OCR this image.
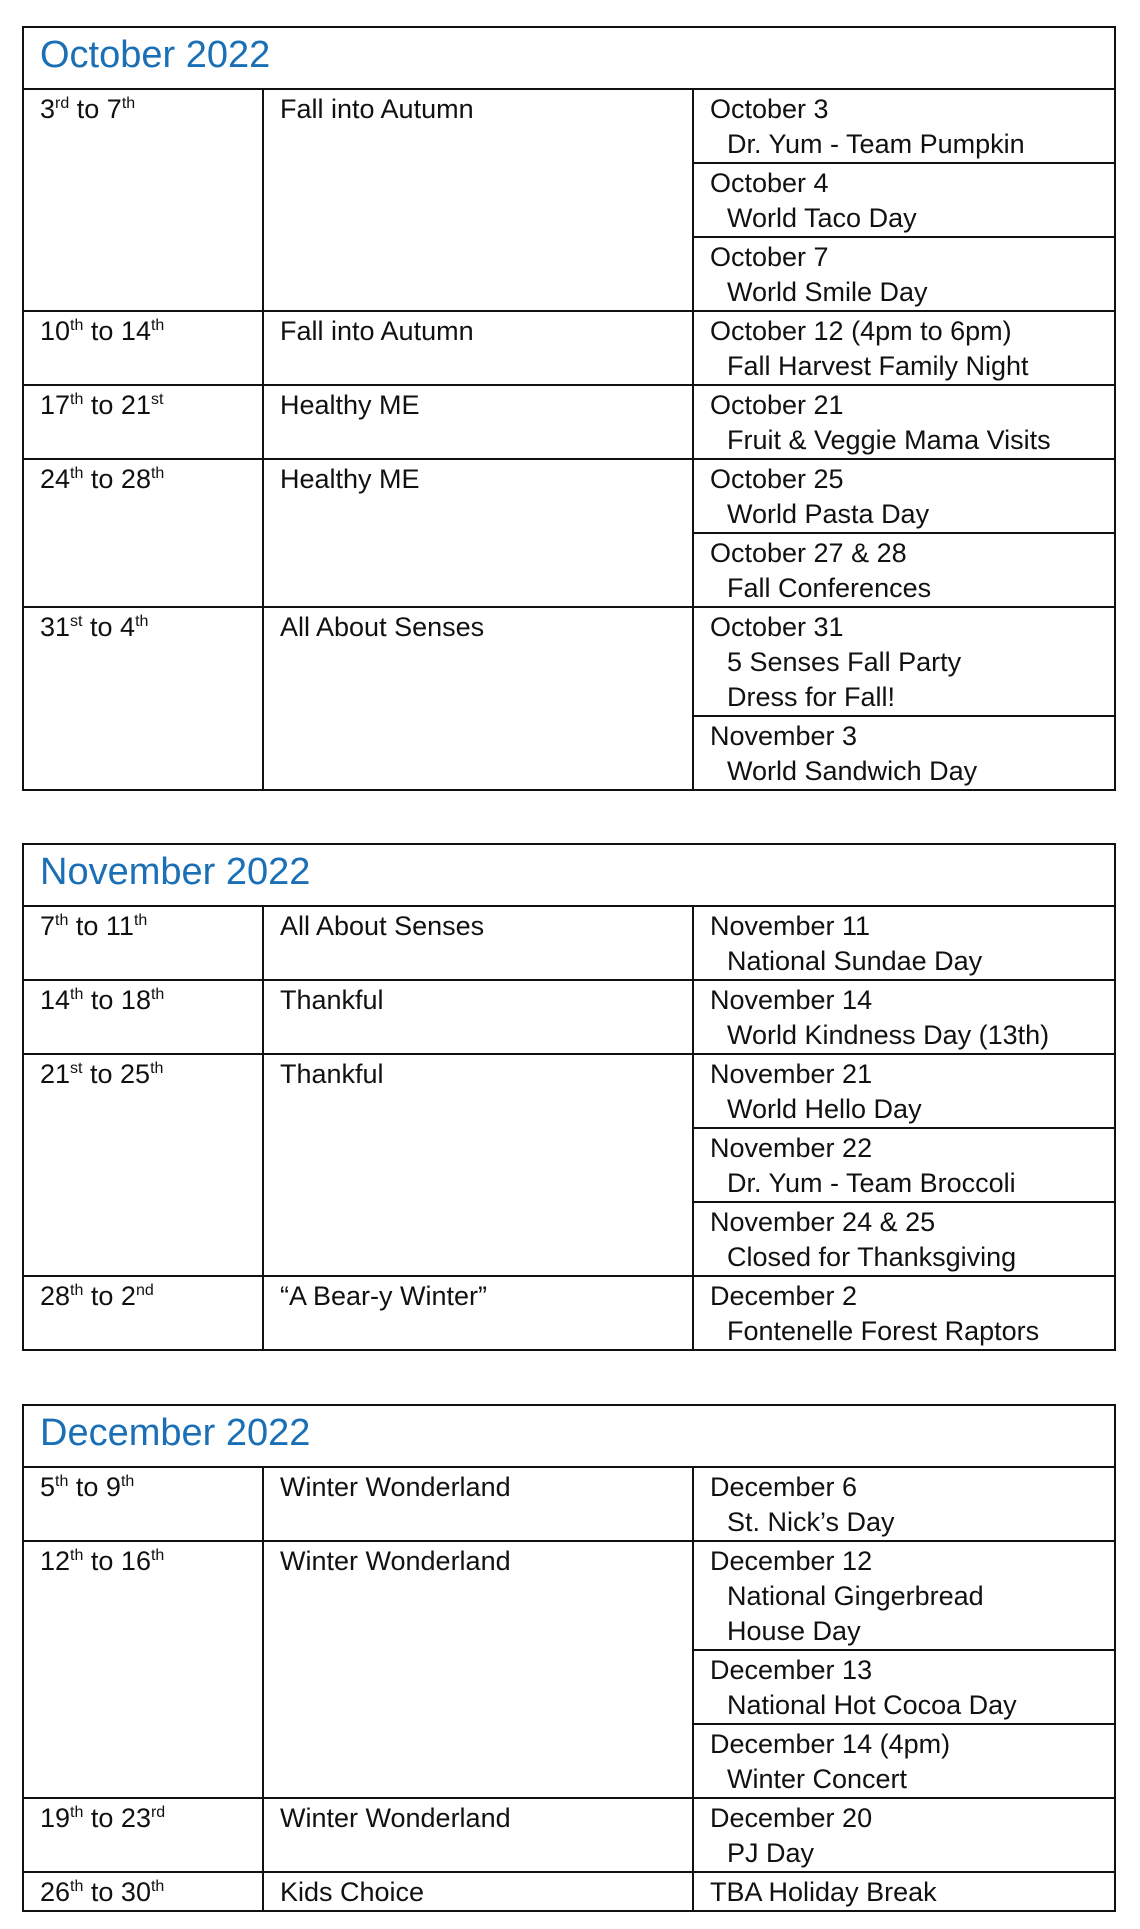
October 2022
3rd to 7th	Fall into Autumn	October 3
Dr. Yum - Team Pumpkin
October 4
World Taco Day
October 7
World Smile Day
10th to 14th	Fall into Autumn	October 12 (4pm to 6pm)
Fall Harvest Family Night
17th to 21st	Healthy ME	October 21
Fruit & Veggie Mama Visits
24th to 28th	Healthy ME	October 25
World Pasta Day
October 27 & 28
Fall Conferences
31st to 4th	All About Senses	October 31
5 Senses Fall Party
Dress for Fall!
November 3
World Sandwich Day
November 2022
7th to 11th	All About Senses	November 11
National Sundae Day
14th to 18th	Thankful	November 14
World Kindness Day (13th)
21st to 25th	Thankful	November 21
World Hello Day
November 22
Dr. Yum - Team Broccoli
November 24 & 25
Closed for Thanksgiving
28th to 2nd	“A Bear-y Winter”	December 2
Fontenelle Forest Raptors
December 2022
5th to 9th	Winter Wonderland	December 6
St. Nick’s Day
12th to 16th	Winter Wonderland	December 12
National Gingerbread
House Day
December 13
National Hot Cocoa Day
December 14 (4pm)
Winter Concert
19th to 23rd	Winter Wonderland	December 20
PJ Day
26th to 30th	Kids Choice	TBA Holiday Break
